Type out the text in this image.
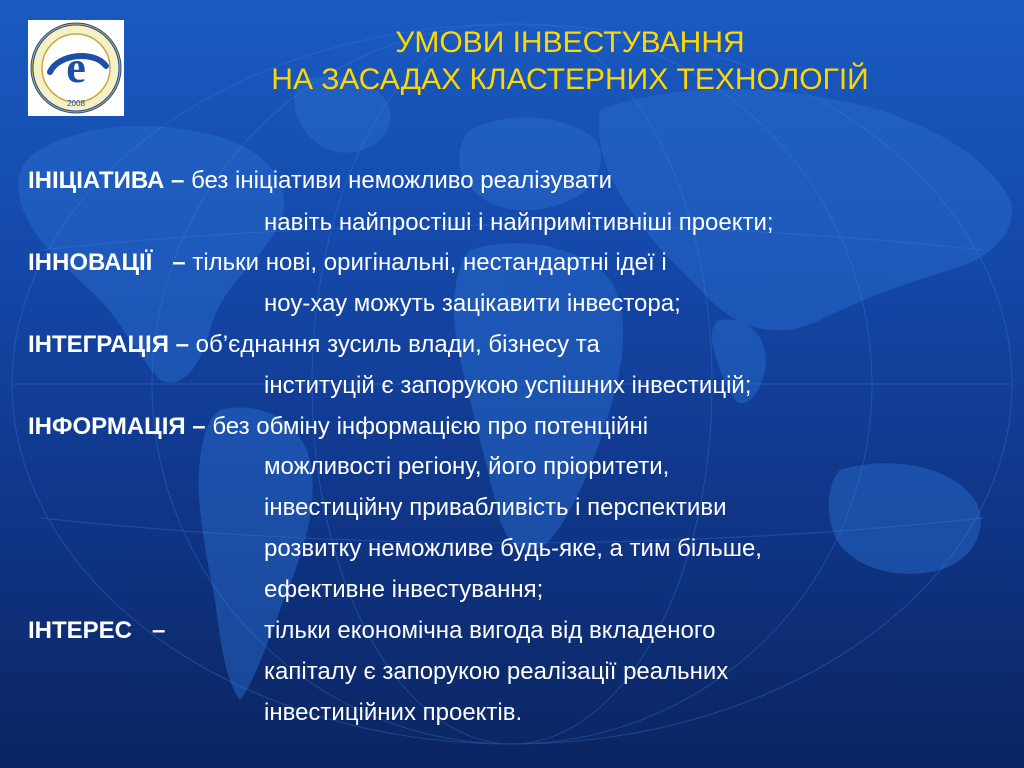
e
2008
УМОВИ ІНВЕСТУВАННЯ
НА ЗАСАДАХ КЛАСТЕРНИХ ТЕХНОЛОГІЙ
ІНІЦІАТИВА – без ініціативи неможливо реалізувати
навіть найпростіші і найпримітивніші проекти;
ІННОВАЦІЇ   – тільки нові, оригінальні, нестандартні ідеї і
ноу-хау можуть зацікавити інвестора;
ІНТЕГРАЦІЯ – об’єднання зусиль влади, бізнесу та
інституцій є запорукою успішних інвестицій;
ІНФОРМАЦІЯ – без обміну інформацією про потенційні
можливості регіону, його пріоритети,
інвестиційну привабливість і перспективи
розвитку неможливе будь-яке, а тим більше,
ефективне інвестування;
ІНТЕРЕС   –	тільки економічна вигода від вкладеного
капіталу є запорукою реалізації реальних
інвестиційних проектів.
